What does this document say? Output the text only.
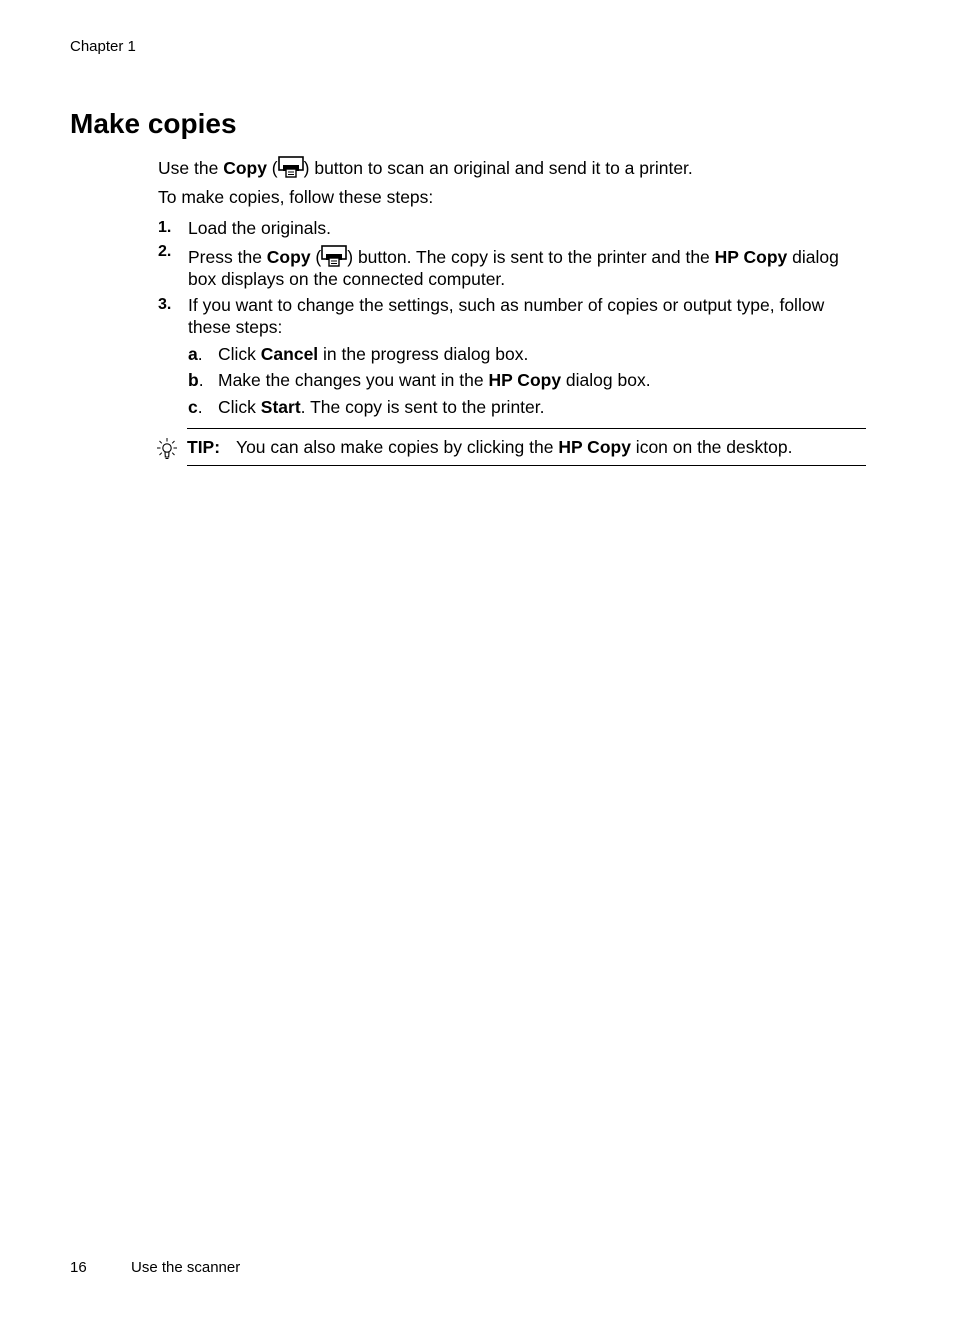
Chapter 1
Make copies
Use the Copy ( ) button to scan an original and send it to a printer.
To make copies, follow these steps:
1. Load the originals.
2. Press the Copy ( ) button. The copy is sent to the printer and the HP Copy dialog box displays on the connected computer.
3. If you want to change the settings, such as number of copies or output type, follow these steps:
a. Click Cancel in the progress dialog box.
b. Make the changes you want in the HP Copy dialog box.
c. Click Start. The copy is sent to the printer.
TIP: You can also make copies by clicking the HP Copy icon on the desktop.
16	Use the scanner
